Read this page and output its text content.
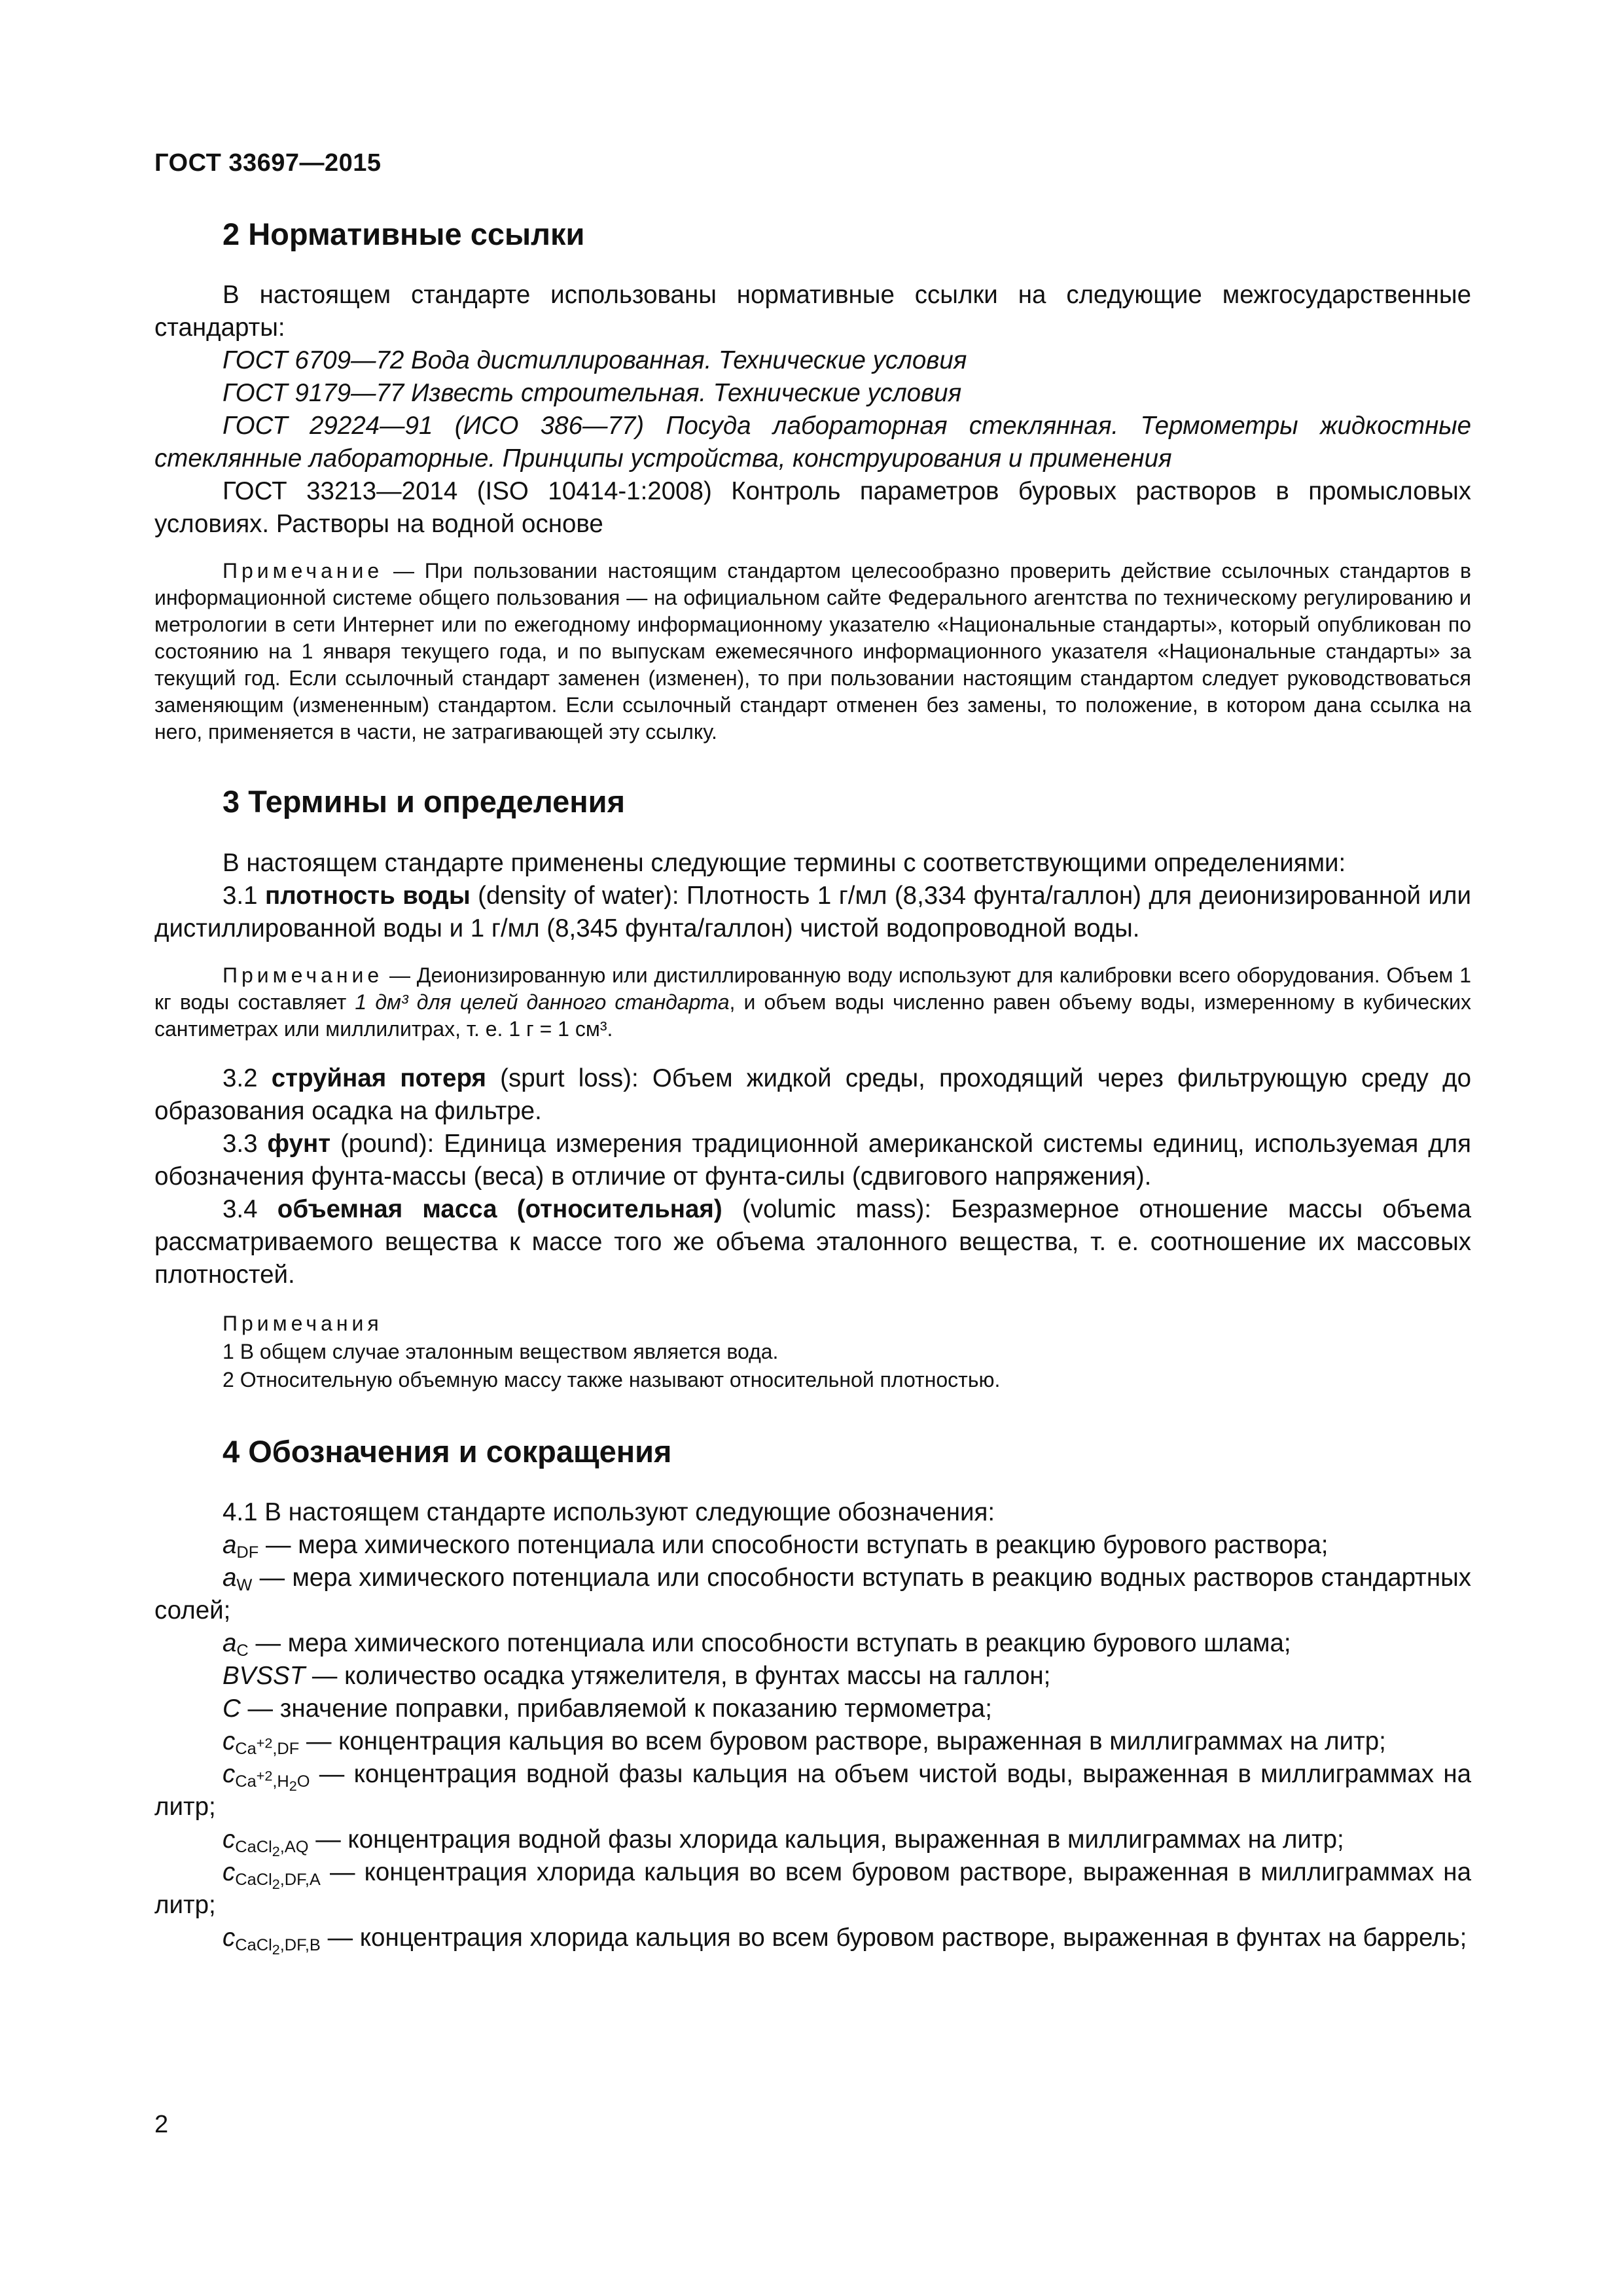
ГОСТ 33697—2015
2 Нормативные ссылки

В настоящем стандарте использованы нормативные ссылки на следующие межгосударственные стандарты:

ГОСТ 6709—72 Вода дистиллированная. Технические условия

ГОСТ 9179—77 Известь строительная. Технические условия

ГОСТ 29224—91 (ИСО 386—77) Посуда лабораторная стеклянная. Термометры жидкостные стеклянные лабораторные. Принципы устройства, конструирования и применения

ГОСТ 33213—2014 (ISO 10414-1:2008) Контроль параметров буровых растворов в промысловых условиях. Растворы на водной основе

Примечание — При пользовании настоящим стандартом целесообразно проверить действие ссылочных стандартов в информационной системе общего пользования — на официальном сайте Федерального агентства по техническому регулированию и метрологии в сети Интернет или по ежегодному информационному указателю «Национальные стандарты», который опубликован по состоянию на 1 января текущего года, и по выпускам ежемесячного информационного указателя «Национальные стандарты» за текущий год. Если ссылочный стандарт заменен (изменен), то при пользовании настоящим стандартом следует руководствоваться заменяющим (измененным) стандартом. Если ссылочный стандарт отменен без замены, то положение, в котором дана ссылка на него, применяется в части, не затрагивающей эту ссылку.
3 Термины и определения

В настоящем стандарте применены следующие термины с соответствующими определениями:

3.1 плотность воды (density of water): Плотность 1 г/мл (8,334 фунта/галлон) для деионизированной или дистиллированной воды и 1 г/мл (8,345 фунта/галлон) чистой водопроводной воды.

Примечание — Деионизированную или дистиллированную воду используют для калибровки всего оборудования. Объем 1 кг воды составляет 1 дм³ для целей данного стандарта, и объем воды численно равен объему воды, измеренному в кубических сантиметрах или миллилитрах, т. е. 1 г = 1 см³.

3.2 струйная потеря (spurt loss): Объем жидкой среды, проходящий через фильтрующую среду до образования осадка на фильтре.

3.3 фунт (pound): Единица измерения традиционной американской системы единиц, используемая для обозначения фунта-массы (веса) в отличие от фунта-силы (сдвигового напряжения).

3.4 объемная масса (относительная) (volumic mass): Безразмерное отношение массы объема рассматриваемого вещества к массе того же объема эталонного вещества, т. е. соотношение их массовых плотностей.

Примечания
1 В общем случае эталонным веществом является вода.
2 Относительную объемную массу также называют относительной плотностью.
4 Обозначения и сокращения

4.1 В настоящем стандарте используют следующие обозначения:

$a_{DF}$ — мера химического потенциала или способности вступать в реакцию бурового раствора;

$a_W$ — мера химического потенциала или способности вступать в реакцию водных растворов стандартных солей;

$a_C$ — мера химического потенциала или способности вступать в реакцию бурового шлама;

BVSST — количество осадка утяжелителя, в фунтах массы на галлон;

C — значение поправки, прибавляемой к показанию термометра;

$c_{Ca^{+2},DF}$ — концентрация кальция во всем буровом растворе, выраженная в миллиграммах на литр;

$c_{Ca^{+2},H_2O}$ — концентрация водной фазы кальция на объем чистой воды, выраженная в миллиграммах на литр;

$c_{CaCl_2,AQ}$ — концентрация водной фазы хлорида кальция, выраженная в миллиграммах на литр;

$c_{CaCl_2,DF,A}$ — концентрация хлорида кальция во всем буровом растворе, выраженная в миллиграммах на литр;

$c_{CaCl_2,DF,B}$ — концентрация хлорида кальция во всем буровом растворе, выраженная в фунтах на баррель;

2
